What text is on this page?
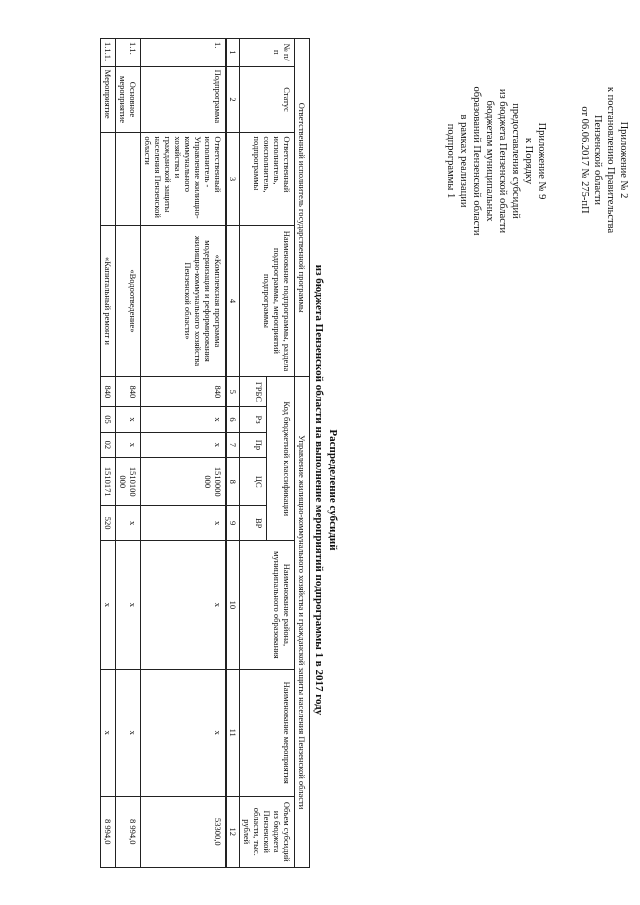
Приложение № 2
к постановлению Правительства
Пензенской области
от 06.06.2017 № 275-пП
Приложение № 9
к Порядку
предоставления субсидий
из бюджета Пензенской области
бюджетам муниципальных
образований Пензенской области
в рамках реализации
подпрограммы 1
Распределение субсидий
из бюджета Пензенской области на выполнение мероприятий подпрограммы 1 в 2017 году
Ответственный исполнитель государственной программы				Управление жилищно-коммунального хозяйства и гражданской защиты населения Пензенской области							
№ п/п	Статус	Ответственный исполнитель, соисполнитель, подпрограммы	Наименование подпрограммы, раздела подпрограммы, мероприятий подпрограммы	Код бюджетной классификации					Наименование района, муниципального образования	Наименование мероприятия	Объем субсидий из бюджета Пензенской области, тыс. рублей
				ГРБС	Рз	Пр	ЦС	ВР			
1	2	3	4	5	6	7	8	9	10	11	12
1.	Подпрограмма	Ответственный исполнитель - Управление жилищно-коммунального хозяйства и гражданской защиты населения Пензенской области	«Комплексная программа модернизации и реформирования жилищно-коммунального хозяйства Пензенской области»	840	х	х	1510000 000	х	х	х	53300,0
1.1.	Основное мероприятие		«Водоотведение»	840	х	х	1510100 000	х	х	х	8 994,0
1.1.1.	Мероприятие		«Капитальный ремонт и	840	05	02	1510171	520	х	х	8 994,0
